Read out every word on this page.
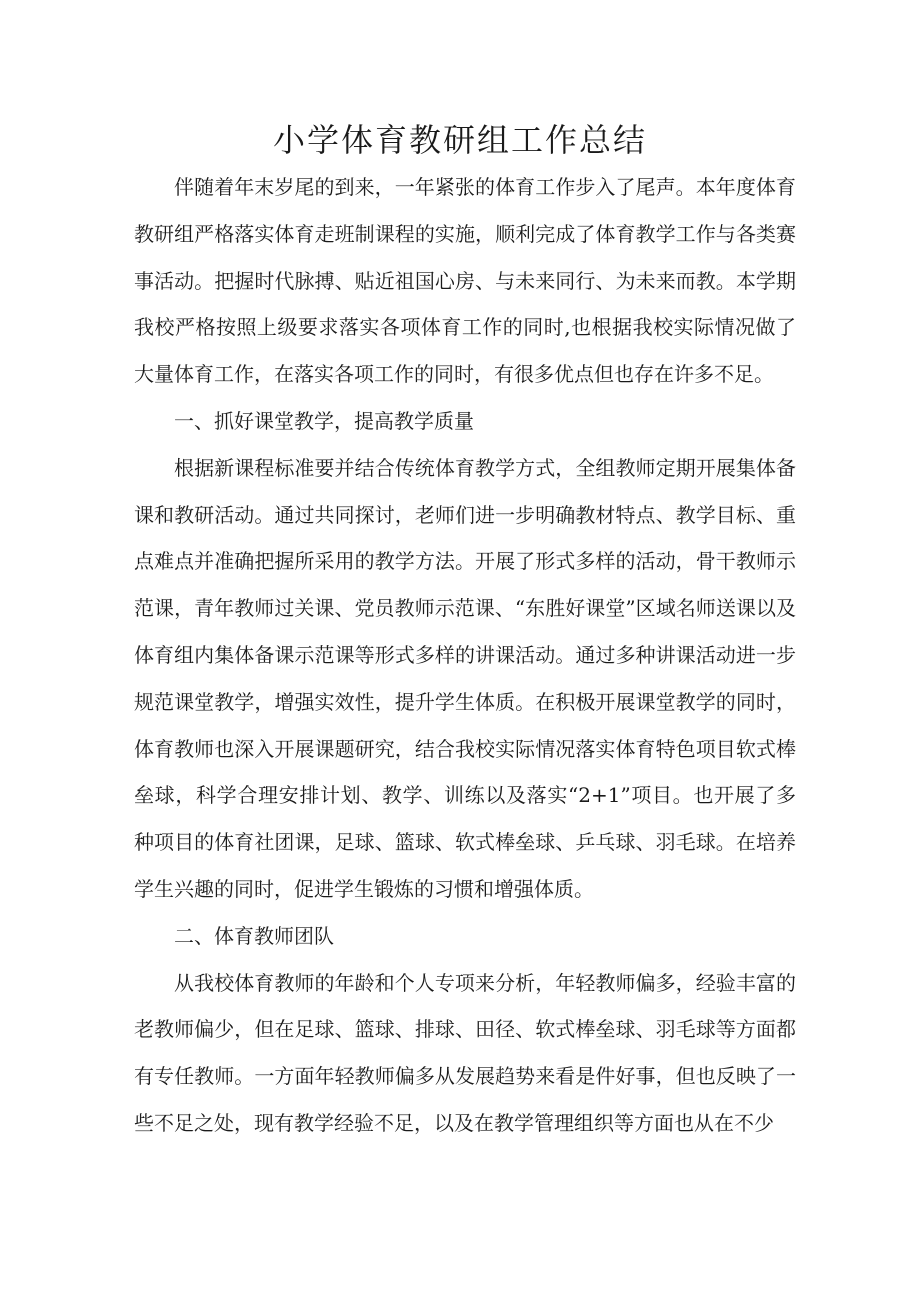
小学体育教研组工作总结

伴随着年末岁尾的到来，一年紧张的体育工作步入了尾声。本年度体育教研组严格落实体育走班制课程的实施，顺利完成了体育教学工作与各类赛事活动。把握时代脉搏、贴近祖国心房、与未来同行、为未来而教。本学期我校严格按照上级要求落实各项体育工作的同时,也根据我校实际情况做了大量体育工作，在落实各项工作的同时，有很多优点但也存在许多不足。

一、抓好课堂教学，提高教学质量

根据新课程标准要并结合传统体育教学方式，全组教师定期开展集体备课和教研活动。通过共同探讨，老师们进一步明确教材特点、教学目标、重点难点并准确把握所采用的教学方法。开展了形式多样的活动，骨干教师示范课，青年教师过关课、党员教师示范课、“东胜好课堂”区域名师送课以及体育组内集体备课示范课等形式多样的讲课活动。通过多种讲课活动进一步规范课堂教学，增强实效性，提升学生体质。在积极开展课堂教学的同时，体育教师也深入开展课题研究，结合我校实际情况落实体育特色项目软式棒垒球，科学合理安排计划、教学、训练以及落实“2+1”项目。也开展了多种项目的体育社团课，足球、篮球、软式棒垒球、乒乓球、羽毛球。在培养学生兴趣的同时，促进学生锻炼的习惯和增强体质。

二、体育教师团队

从我校体育教师的年龄和个人专项来分析，年轻教师偏多，经验丰富的老教师偏少，但在足球、篮球、排球、田径、软式棒垒球、羽毛球等方面都有专任教师。一方面年轻教师偏多从发展趋势来看是件好事，但也反映了一些不足之处，现有教学经验不足，以及在教学管理组织等方面也从在不少
